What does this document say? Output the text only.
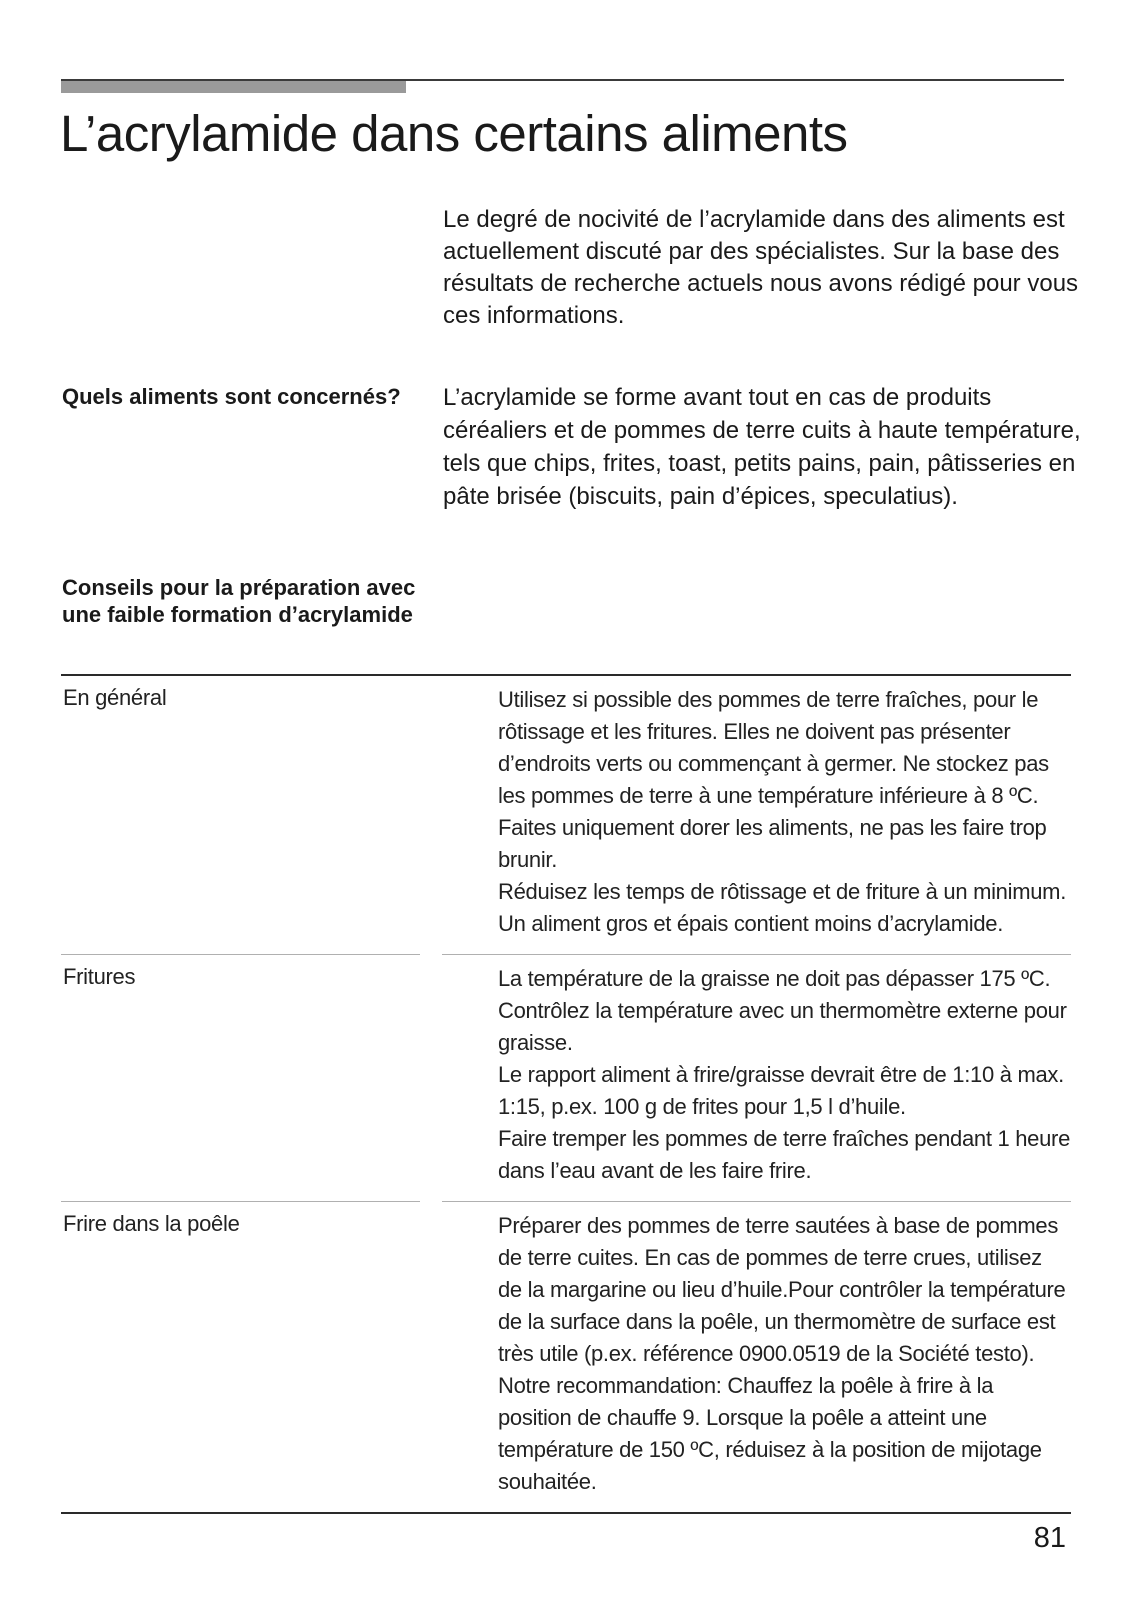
L’acrylamide dans certains aliments
Le degré de nocivité de l’acrylamide dans des aliments est actuellement discuté par des spécialistes. Sur la base des résultats de recherche actuels nous avons rédigé pour vous ces informations.
Quels aliments sont concernés?	L’acrylamide se forme avant tout en cas de produits céréaliers et de pommes de terre cuits à haute température, tels que chips, frites, toast, petits pains, pain, pâtisseries en pâte brisée (biscuits, pain d’épices, speculatius).
Conseils pour la préparation avec une faible formation d’acrylamide
En général	Utilisez si possible des pommes de terre fraîches, pour le rôtissage et les fritures. Elles ne doivent pas présenter d’endroits verts ou commençant à germer. Ne stockez pas les pommes de terre à une température inférieure à 8 ºC.

Faites uniquement dorer les aliments, ne pas les faire trop brunir.

Réduisez les temps de rôtissage et de friture à un minimum.

Un aliment gros et épais contient moins d’acrylamide.

Fritures	La température de la graisse ne doit pas dépasser 175 ºC. Contrôlez la température avec un thermomètre externe pour graisse.

Le rapport aliment à frire/graisse devrait être de 1:10 à max. 1:15, p.ex. 100 g de frites pour 1,5 l d’huile.

Faire tremper les pommes de terre fraîches pendant 1 heure dans l’eau avant de les faire frire.

Frire dans la poêle	Préparer des pommes de terre sautées à base de pommes de terre cuites. En cas de pommes de terre crues, utilisez de la margarine ou lieu d’huile.Pour contrôler la température de la surface dans la poêle, un thermomètre de surface est très utile (p.ex. référence 0900.0519 de la Société testo). Notre recommandation: Chauffez la poêle à frire à la position de chauffe 9. Lorsque la poêle a atteint une température de 150 ºC, réduisez à la position de mijotage souhaitée.

81
